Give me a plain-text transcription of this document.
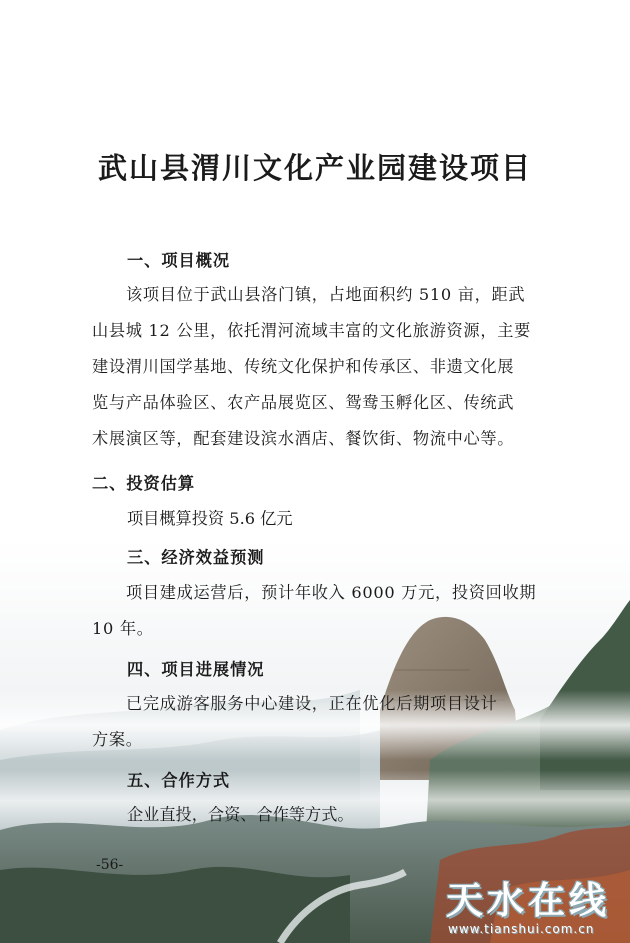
武山县渭川文化产业园建设项目
一、项目概况
该项目位于武山县洛门镇，占地面积约 510 亩，距武
山县城 12 公里，依托渭河流域丰富的文化旅游资源，主要
建设渭川国学基地、传统文化保护和传承区、非遗文化展
览与产品体验区、农产品展览区、鸳鸯玉孵化区、传统武
术展演区等，配套建设滨水酒店、餐饮街、物流中心等。
二、投资估算
项目概算投资 5.6 亿元
三、经济效益预测
项目建成运营后，预计年收入 6000 万元，投资回收期
10 年。
四、项目进展情况
已完成游客服务中心建设，正在优化后期项目设计
方案。
五、合作方式
企业直投，合资、合作等方式。
-56-
天水在线
www.tianshui.com.cn
